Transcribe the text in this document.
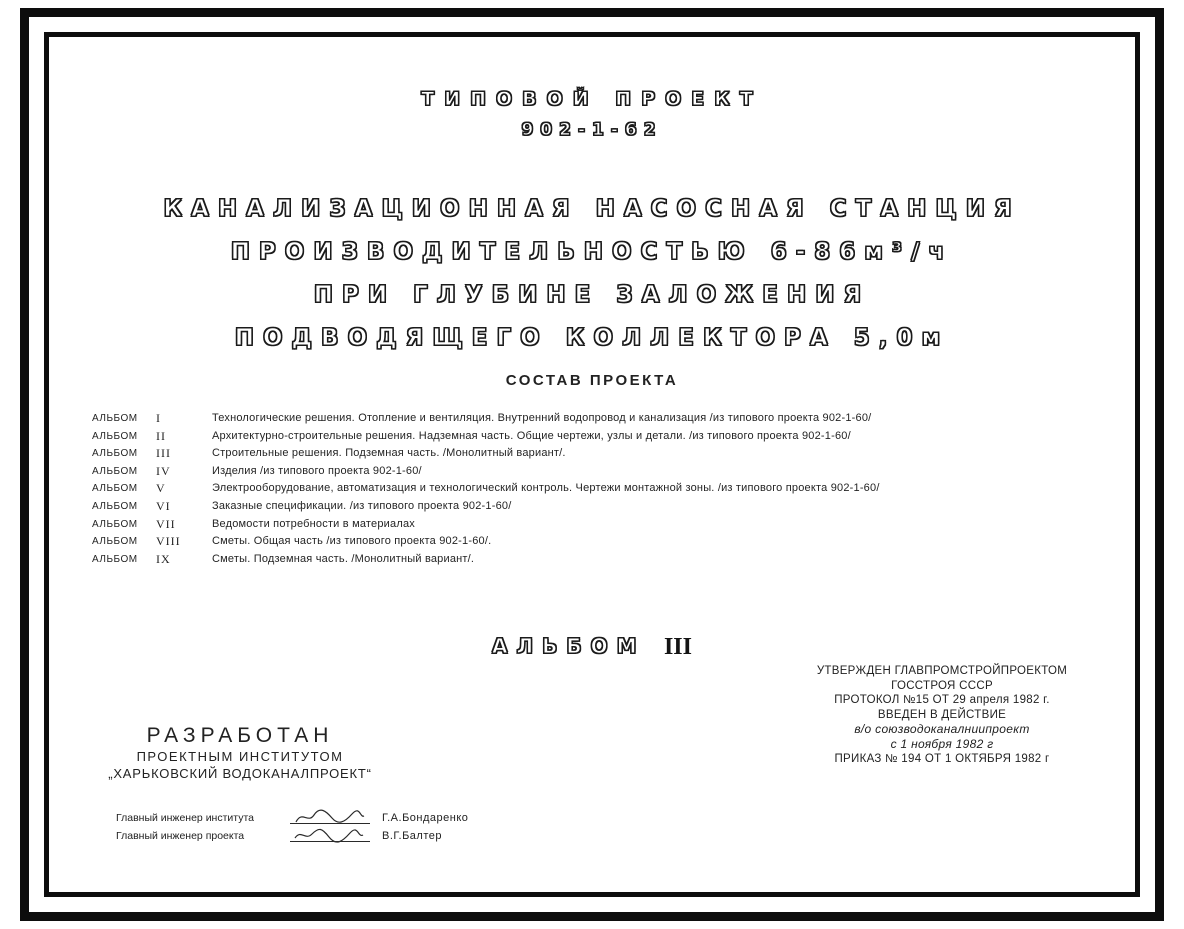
ТИПОВОЙ ПРОЕКТ
902-1-62
КАНАЛИЗАЦИОННАЯ НАСОСНАЯ СТАНЦИЯ
ПРОИЗВОДИТЕЛЬНОСТЬЮ 6-86м³/ч
ПРИ ГЛУБИНЕ ЗАЛОЖЕНИЯ
ПОДВОДЯЩЕГО КОЛЛЕКТОРА 5,0м
СОСТАВ ПРОЕКТА
АЛЬБОМ	I	Технологические решения. Отопление и вентиляция. Внутренний водопровод и канализация /из типового проекта 902-1-60/
АЛЬБОМ	II	Архитектурно-строительные решения. Надземная часть. Общие чертежи, узлы и детали. /из типового проекта 902-1-60/
АЛЬБОМ	III	Строительные решения. Подземная часть. /Монолитный вариант/.
АЛЬБОМ	IV	Изделия /из типового проекта 902-1-60/
АЛЬБОМ	V	Электрооборудование, автоматизация и технологический контроль. Чертежи монтажной зоны. /из типового проекта 902-1-60/
АЛЬБОМ	VI	Заказные спецификации. /из типового проекта 902-1-60/
АЛЬБОМ	VII	Ведомости потребности в материалах
АЛЬБОМ	VIII	Сметы. Общая часть /из типового проекта 902-1-60/.
АЛЬБОМ	IX	Сметы. Подземная часть. /Монолитный вариант/.
АЛЬБОМ III
УТВЕРЖДЕН ГЛАВПРОМСТРОЙПРОЕКТОМ
ГОССТРОЯ СССР
ПРОТОКОЛ №15 ОТ 29 апреля 1982 г.
ВВЕДЕН В ДЕЙСТВИЕ
в/о союзводоканалниипроект
с 1 ноября 1982 г
ПРИКАЗ № 194 ОТ 1 ОКТЯБРЯ 1982 г
РАЗРАБОТАН
ПРОЕКТНЫМ ИНСТИТУТОМ
„ХАРЬКОВСКИЙ ВОДОКАНАЛПРОЕКТ“
Главный инженер института	Г.А.Бондаренко
Главный инженер проекта	В.Г.Балтер
